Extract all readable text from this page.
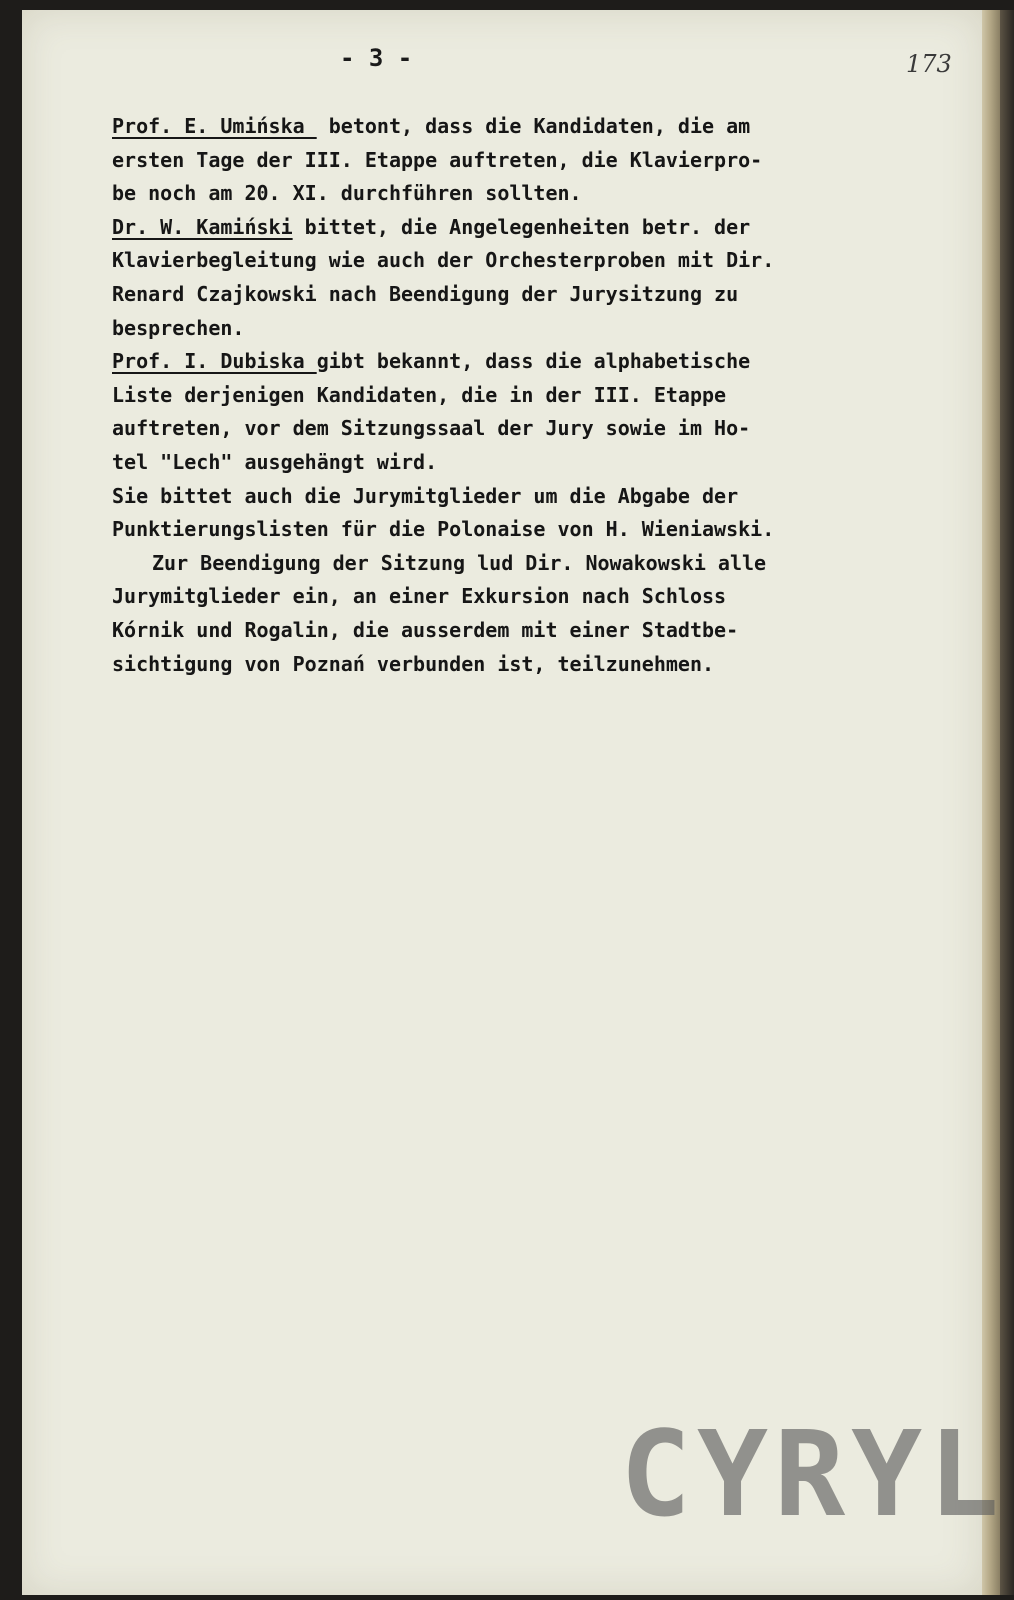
- 3 -	173
Prof. E. Umińska  betont, dass die Kandidaten, die am
ersten Tage der III. Etappe auftreten, die Klavierpro-
be noch am 20. XI. durchführen sollten.
Dr. W. Kamiński bittet, die Angelegenheiten betr. der
Klavierbegleitung wie auch der Orchesterproben mit Dir.
Renard Czajkowski nach Beendigung der Jurysitzung zu
besprechen.
Prof. I. Dubiska gibt bekannt, dass die alphabetische
Liste derjenigen Kandidaten, die in der III. Etappe
auftreten, vor dem Sitzungssaal der Jury sowie im Ho-
tel "Lech" ausgehängt wird.
Sie bittet auch die Jurymitglieder um die Abgabe der
Punktierungslisten für die Polonaise von H. Wieniawski.
Zur Beendigung der Sitzung lud Dir. Nowakowski alle
Jurymitglieder ein, an einer Exkursion nach Schloss
Kórnik und Rogalin, die ausserdem mit einer Stadtbe-
sichtigung von Poznań verbunden ist, teilzunehmen.
CYRYL
